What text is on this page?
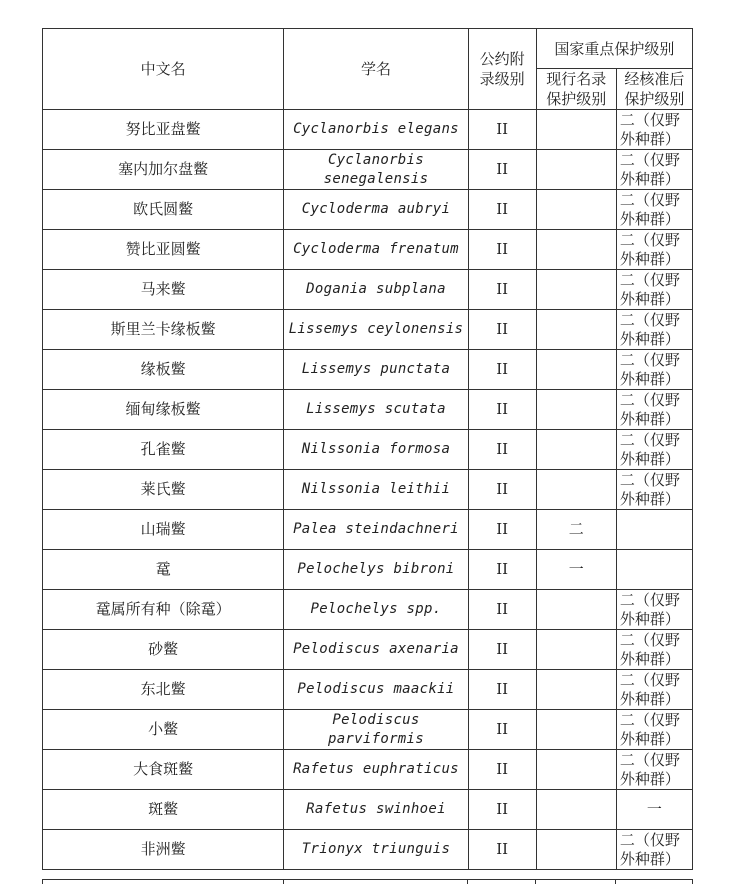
中文名	学名	公约附录级别	国家重点保护级别	
			现行名录保护级别	经核准后保护级别
努比亚盘鳖	Cyclanorbis elegans	II		二（仅野外种群）
塞内加尔盘鳖	Cyclanorbis senegalensis	II		二（仅野外种群）
欧氏圆鳖	Cycloderma aubryi	II		二（仅野外种群）
赞比亚圆鳖	Cycloderma frenatum	II		二（仅野外种群）
马来鳖	Dogania subplana	II		二（仅野外种群）
斯里兰卡缘板鳖	Lissemys ceylonensis	II		二（仅野外种群）
缘板鳖	Lissemys punctata	II		二（仅野外种群）
缅甸缘板鳖	Lissemys scutata	II		二（仅野外种群）
孔雀鳖	Nilssonia formosa	II		二（仅野外种群）
莱氏鳖	Nilssonia leithii	II		二（仅野外种群）
山瑞鳖	Palea steindachneri	II	二	
鼋	Pelochelys bibroni	II	一	
鼋属所有种（除鼋）	Pelochelys spp.	II		二（仅野外种群）
砂鳖	Pelodiscus axenaria	II		二（仅野外种群）
东北鳖	Pelodiscus maackii	II		二（仅野外种群）
小鳖	Pelodiscus parviformis	II		二（仅野外种群）
大食斑鳖	Rafetus euphraticus	II		二（仅野外种群）
斑鳖	Rafetus swinhoei	II		一
非洲鳖	Trionyx triunguis	II		二（仅野外种群）
